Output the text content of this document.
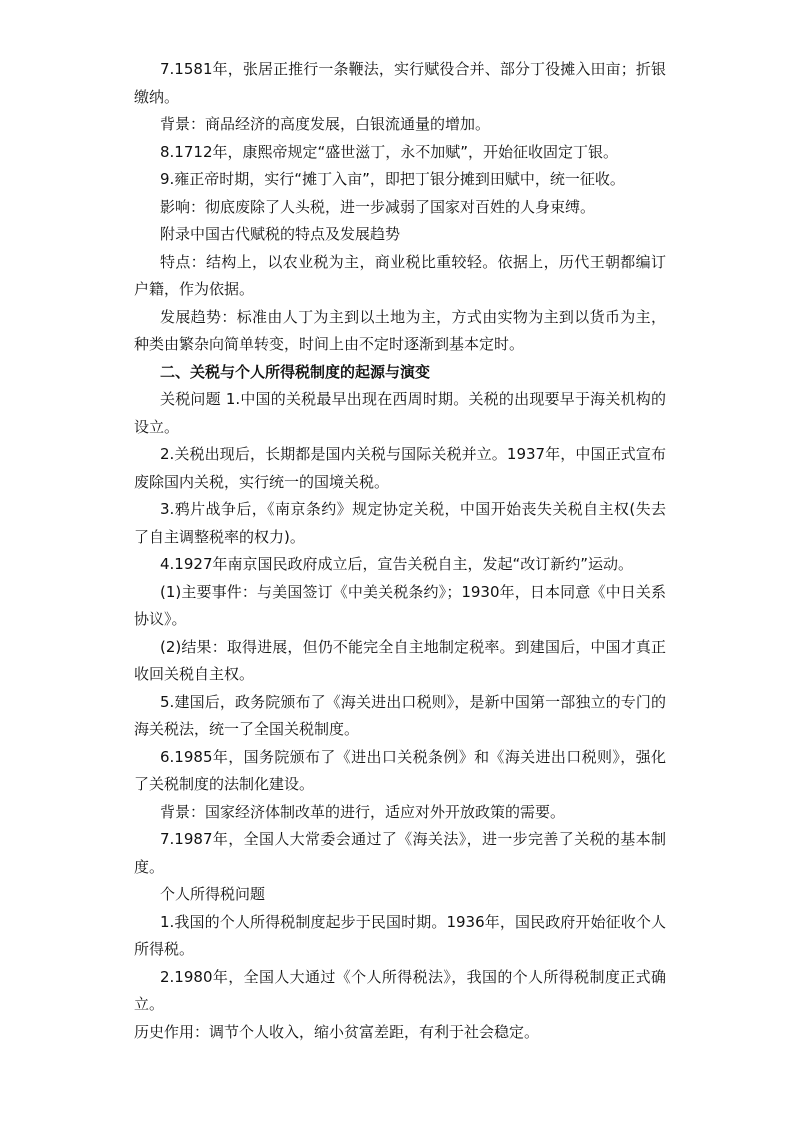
7.1581年，张居正推行一条鞭法，实行赋役合并、部分丁役摊入田亩；折银缴纳。

背景：商品经济的高度发展，白银流通量的增加。

8.1712年，康熙帝规定“盛世滋丁，永不加赋”，开始征收固定丁银。

9.雍正帝时期，实行“摊丁入亩”，即把丁银分摊到田赋中，统一征收。

影响：彻底废除了人头税，进一步减弱了国家对百姓的人身束缚。

附录中国古代赋税的特点及发展趋势

特点：结构上，以农业税为主，商业税比重较轻。依据上，历代王朝都编订户籍，作为依据。

发展趋势：标准由人丁为主到以土地为主，方式由实物为主到以货币为主，种类由繁杂向简单转变，时间上由不定时逐渐到基本定时。

二、关税与个人所得税制度的起源与演变

关税问题 1.中国的关税最早出现在西周时期。关税的出现要早于海关机构的设立。

2.关税出现后，长期都是国内关税与国际关税并立。1937年，中国正式宣布废除国内关税，实行统一的国境关税。

3.鸦片战争后，《南京条约》规定协定关税，中国开始丧失关税自主权(失去了自主调整税率的权力)。

4.1927年南京国民政府成立后，宣告关税自主，发起“改订新约”运动。

(1)主要事件：与美国签订《中美关税条约》；1930年，日本同意《中日关系协议》。

(2)结果：取得进展，但仍不能完全自主地制定税率。到建国后，中国才真正收回关税自主权。

5.建国后，政务院颁布了《海关进出口税则》，是新中国第一部独立的专门的海关税法，统一了全国关税制度。

6.1985年，国务院颁布了《进出口关税条例》和《海关进出口税则》，强化了关税制度的法制化建设。

背景：国家经济体制改革的进行，适应对外开放政策的需要。

7.1987年，全国人大常委会通过了《海关法》，进一步完善了关税的基本制度。

个人所得税问题

1.我国的个人所得税制度起步于民国时期。1936年，国民政府开始征收个人所得税。

2.1980年，全国人大通过《个人所得税法》，我国的个人所得税制度正式确立。

历史作用：调节个人收入，缩小贫富差距，有利于社会稳定。
